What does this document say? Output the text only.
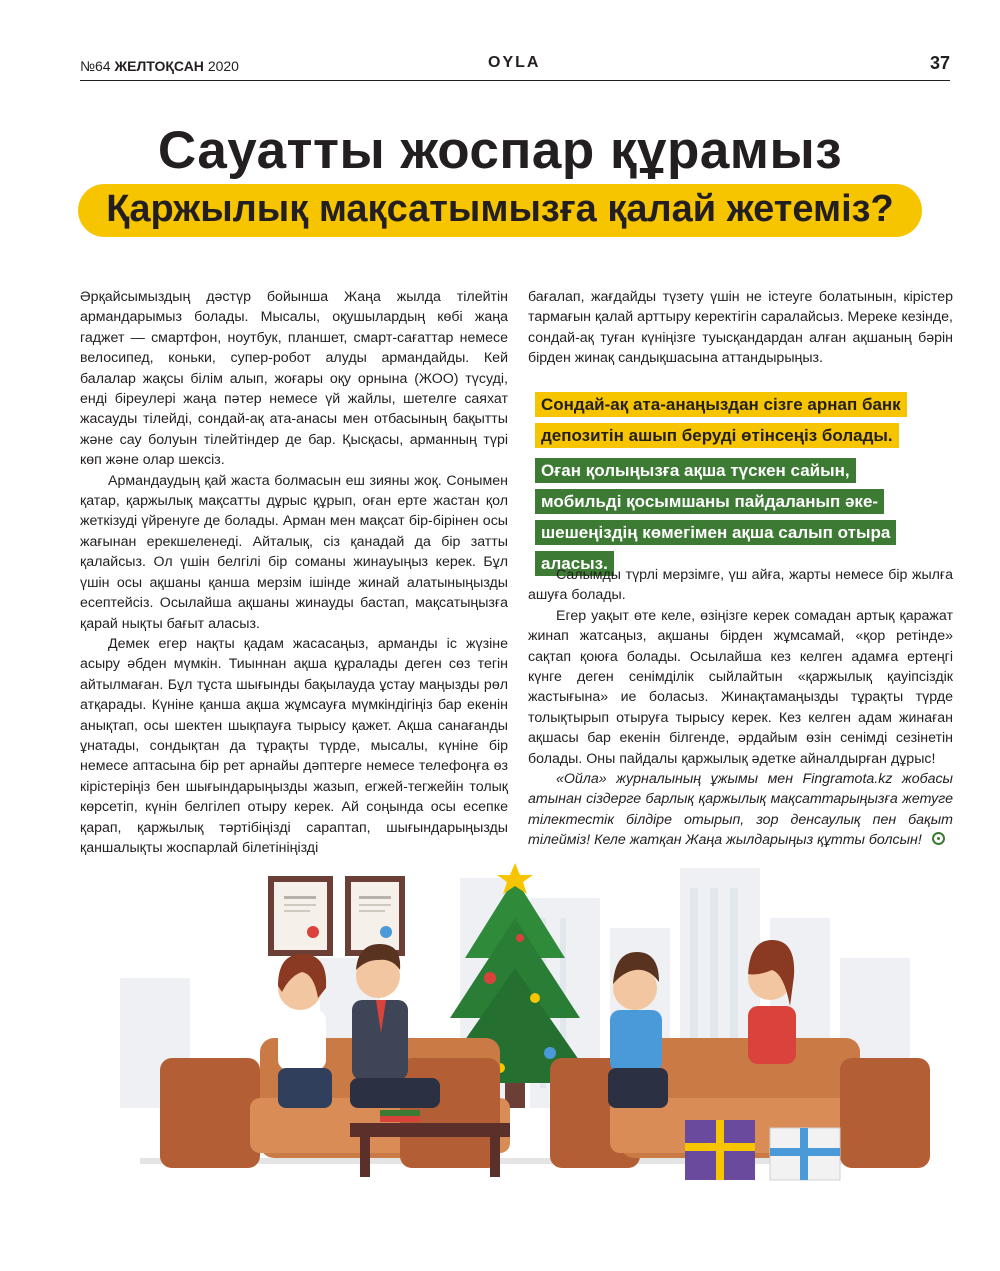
№64 ЖЕЛТОҚСАН 2020	OYLA	37
Сауатты жоспар құрамыз
Қаржылық мақсатымызға қалай жетеміз?

Әрқайсымыздың дәстүр бойынша Жаңа жылда тілейтін армандарымыз болады. Мысалы, оқушылардың көбі жаңа гаджет — смартфон, ноутбук, планшет, смарт-сағаттар немесе велосипед, коньки, супер-робот алуды армандайды. Кей балалар жақсы білім алып, жоғары оқу орнына (ЖОО) түсуді, енді біреулері жаңа пәтер немесе үй жайлы, шетелге саяхат жасауды тілейді, сондай-ақ ата-анасы мен отбасының бақытты және сау болуын тілейтіндер де бар. Қысқасы, арманның түрі көп және олар шексіз.

Армандаудың қай жаста болмасын еш зияны жоқ. Сонымен қатар, қаржылық мақсатты дұрыс құрып, оған ерте жастан қол жеткізуді үйренуге де болады. Арман мен мақсат бір-бірінен осы жағынан ерекшеленеді. Айталық, сіз қанадай да бір затты қалайсыз. Ол үшін белгілі бір соманы жинауыңыз керек. Бұл үшін осы ақшаны қанша мерзім ішінде жинай алатыныңызды есептейсіз. Осылайша ақшаны жинауды бастап, мақсатыңызға қарай нықты бағыт аласыз.

Демек егер нақты қадам жасасаңыз, арманды іс жүзіне асыру әбден мүмкін. Тиыннан ақша құралады деген сөз тегін айтылмаған. Бұл тұста шығынды бақылауда ұстау маңызды рөл атқарады. Күніне қанша ақша жұмсауға мүмкіндігіңіз бар екенін анықтап, осы шектен шықпауға тырысу қажет. Ақша санағанды ұнатады, сондықтан да тұрақты түрде, мысалы, күніне бір немесе аптасына бір рет арнайы дәптерге немесе телефоңға өз кірістеріңіз бен шығындарыңызды жазып, егжей-тегжейін толық көрсетіп, күнін белгілеп отыру керек. Ай соңында осы есепке қарап, қаржылық тәртібіңізді сараптап, шығындарыңызды қаншалықты жоспарлай білетініңізді

бағалап, жағдайды түзету үшін не істеуге болатынын, кірістер тармағын қалай арттыру керектігін саралайсыз. Мереке кезінде, сондай-ақ туған күніңізге туысқандардан алған ақшаның бәрін бірден жинақ сандықшасына аттандырыңыз.

Сондай-ақ ата-анаңыздан сізге арнап банк депозитін ашып беруді өтінсеңіз болады.
Оған қолыңызға ақша түскен сайын, мобильді қосымшаны пайдаланып әке-шешеңіздің көмегімен ақша салып отыра аласыз.

Салымды түрлі мерзімге, үш айға, жарты немесе бір жылға ашуға болады.

Егер уақыт өте келе, өзіңізге керек сомадан артық қаражат жинап жатсаңыз, ақшаны бірден жұмсамай, «қор ретінде» сақтап қоюға болады. Осылайша кез келген адамға ертеңгі күнге деген сенімділік сыйлайтын «қаржылық қауіпсіздік жастығына» ие боласыз. Жинақтамаңызды тұрақты түрде толықтырып отыруға тырысу керек. Кез келген адам жинаған ақшасы бар екенін білгенде, әрдайым өзін сенімді сезінетін болады. Оны пайдалы қаржылық әдетке айналдырған дұрыс!

«Ойла» журналының ұжымы мен Fingramota.kz жобасы атынан сіздерге барлық қаржылық мақсаттарыңызға жетуге тілектестік білдіре отырып, зор денсаулық пен бақыт тілейміз! Келе жатқан Жаңа жылдарыңыз құтты болсын!
